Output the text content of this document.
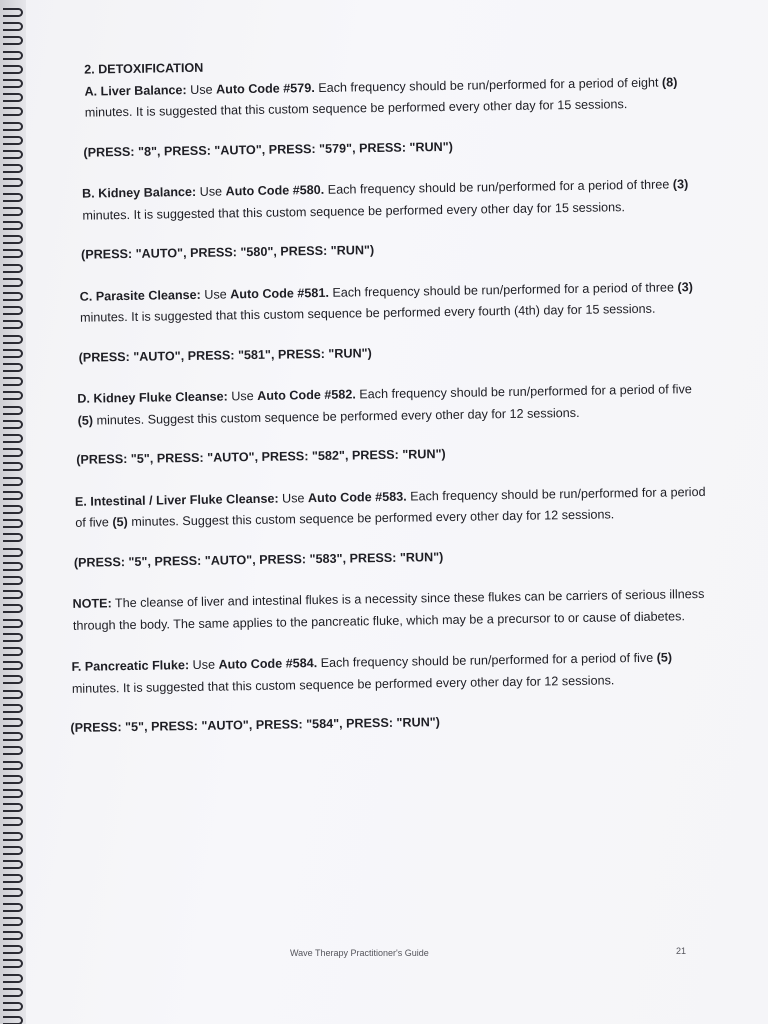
2. DETOXIFICATION

A. Liver Balance: Use Auto Code #579. Each frequency should be run/performed for a period of eight (8) minutes. It is suggested that this custom sequence be performed every other day for 15 sessions.

(PRESS: "8", PRESS: "AUTO", PRESS: "579", PRESS: "RUN")

B. Kidney Balance: Use Auto Code #580. Each frequency should be run/performed for a period of three (3) minutes. It is suggested that this custom sequence be performed every other day for 15 sessions.

(PRESS: "AUTO", PRESS: "580", PRESS: "RUN")

C. Parasite Cleanse: Use Auto Code #581. Each frequency should be run/performed for a period of three (3) minutes. It is suggested that this custom sequence be performed every fourth (4th) day for 15 sessions.

(PRESS: "AUTO", PRESS: "581", PRESS: "RUN")

D. Kidney Fluke Cleanse: Use Auto Code #582. Each frequency should be run/performed for a period of five (5) minutes. Suggest this custom sequence be performed every other day for 12 sessions.

(PRESS: "5", PRESS: "AUTO", PRESS: "582", PRESS: "RUN")

E. Intestinal / Liver Fluke Cleanse: Use Auto Code #583. Each frequency should be run/performed for a period of five (5) minutes. Suggest this custom sequence be performed every other day for 12 sessions.

(PRESS: "5", PRESS: "AUTO", PRESS: "583", PRESS: "RUN")

NOTE: The cleanse of liver and intestinal flukes is a necessity since these flukes can be carriers of serious illness through the body. The same applies to the pancreatic fluke, which may be a precursor to or cause of diabetes.

F. Pancreatic Fluke: Use Auto Code #584. Each frequency should be run/performed for a period of five (5) minutes. It is suggested that this custom sequence be performed every other day for 12 sessions.

(PRESS: "5", PRESS: "AUTO", PRESS: "584", PRESS: "RUN")
Wave Therapy Practitioner's Guide	21
